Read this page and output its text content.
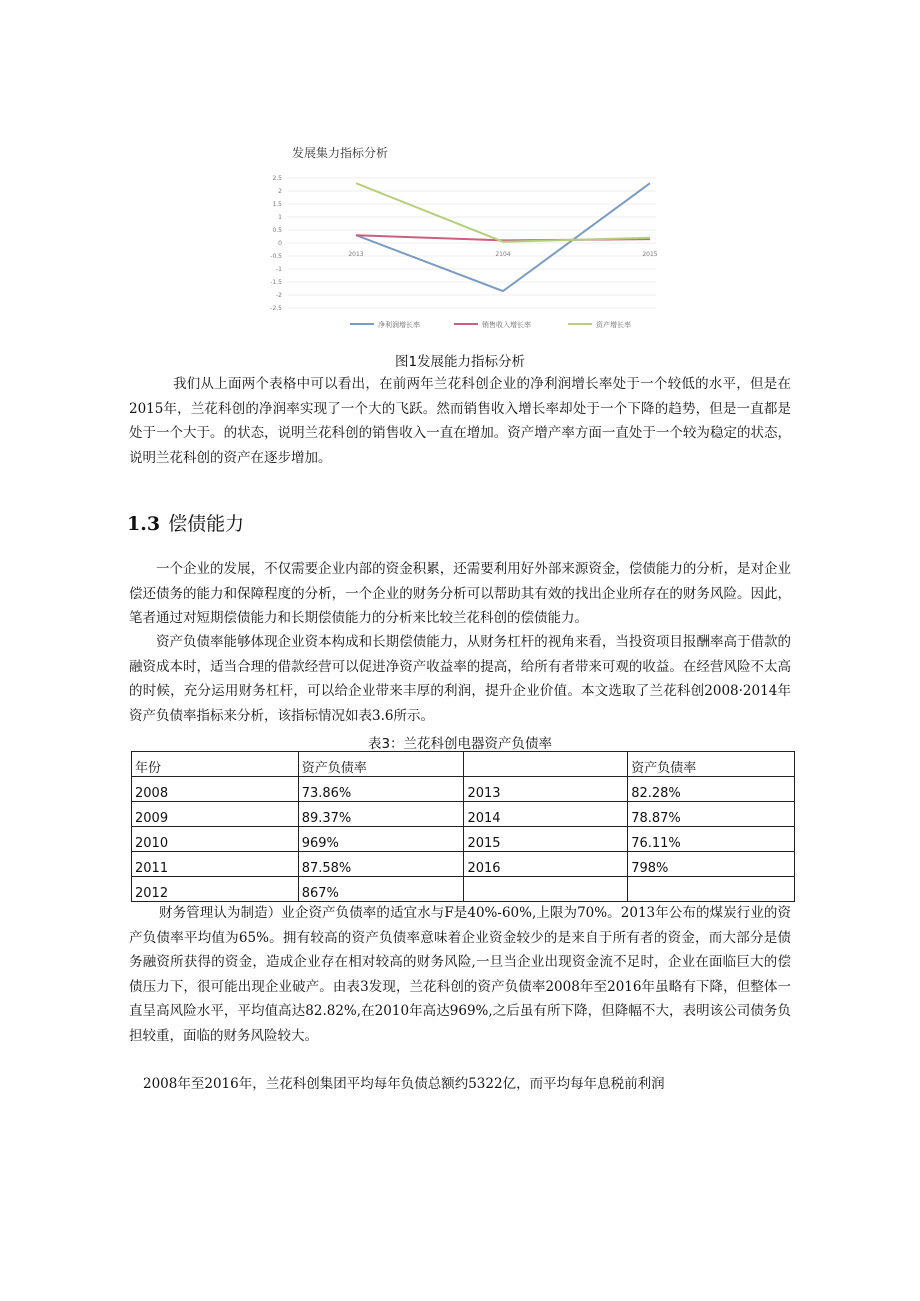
2.5
2
1.5
1
0.5
0
-0.5
-1
-1.5
-2
-2.5
2013	2104	2015
净利润增长率	销售收入增长率	资产增长率
发展集力指标分析
图1发展能力指标分析

我们从上面两个表格中可以看出，在前两年兰花科创企业的净利润增长率处于一个较低的水平，但是在2015年，兰花科创的净润率实现了一个大的飞跃。然而销售收入增长率却处于一个下降的趋势，但是一直都是处于一个大于。的状态，说明兰花科创的销售收入一直在增加。资产增产率方面一直处于一个较为稳定的状态，说明兰花科创的资产在逐步增加。

1.3 偿债能力

一个企业的发展，不仅需要企业内部的资金积累，还需要利用好外部来源资金，偿债能力的分析，是对企业偿还债务的能力和保障程度的分析，一个企业的财务分析可以帮助其有效的找出企业所存在的财务风险。因此，笔者通过对短期偿债能力和长期偿债能力的分析来比较兰花科创的偿债能力。

资产负债率能够体现企业资本构成和长期偿债能力，从财务杠杆的视角来看，当投资项目报酬率高于借款的融资成本时，适当合理的借款经营可以促进净资产收益率的提高，给所有者带来可观的收益。在经营风险不太高的时候，充分运用财务杠杆，可以给企业带来丰厚的利润，提升企业价值。本文选取了兰花科创2008·2014年资产负债率指标来分析，该指标情况如表3.6所示。

表3：兰花科创电器资产负债率
年份	资产负债率		资产负债率
2008	73.86%	2013	82.28%
2009	89.37%	2014	78.87%
2010	969%	2015	76.11%
2011	87.58%	2016	798%
2012	867%		

财务管理认为制造）业企资产负债率的适宜水与F是40%-60%,上限为70%。2013年公布的煤炭行业的资产负债率平均值为65%。拥有较高的资产负债率意味着企业资金较少的是来自于所有者的资金，而大部分是债务融资所获得的资金，造成企业存在相对较高的财务风险,一旦当企业出现资金流不足时，企业在面临巨大的偿债压力下，很可能出现企业破产。由表3发现，兰花科创的资产负债率2008年至2016年虽略有下降，但整体一直呈高风险水平，平均值高达82.82%,在2010年高达969%,之后虽有所下降，但降幅不大，表明该公司债务负担较重，面临的财务风险较大。

2008年至2016年，兰花科创集团平均每年负债总额约5322亿，而平均每年息税前利润
